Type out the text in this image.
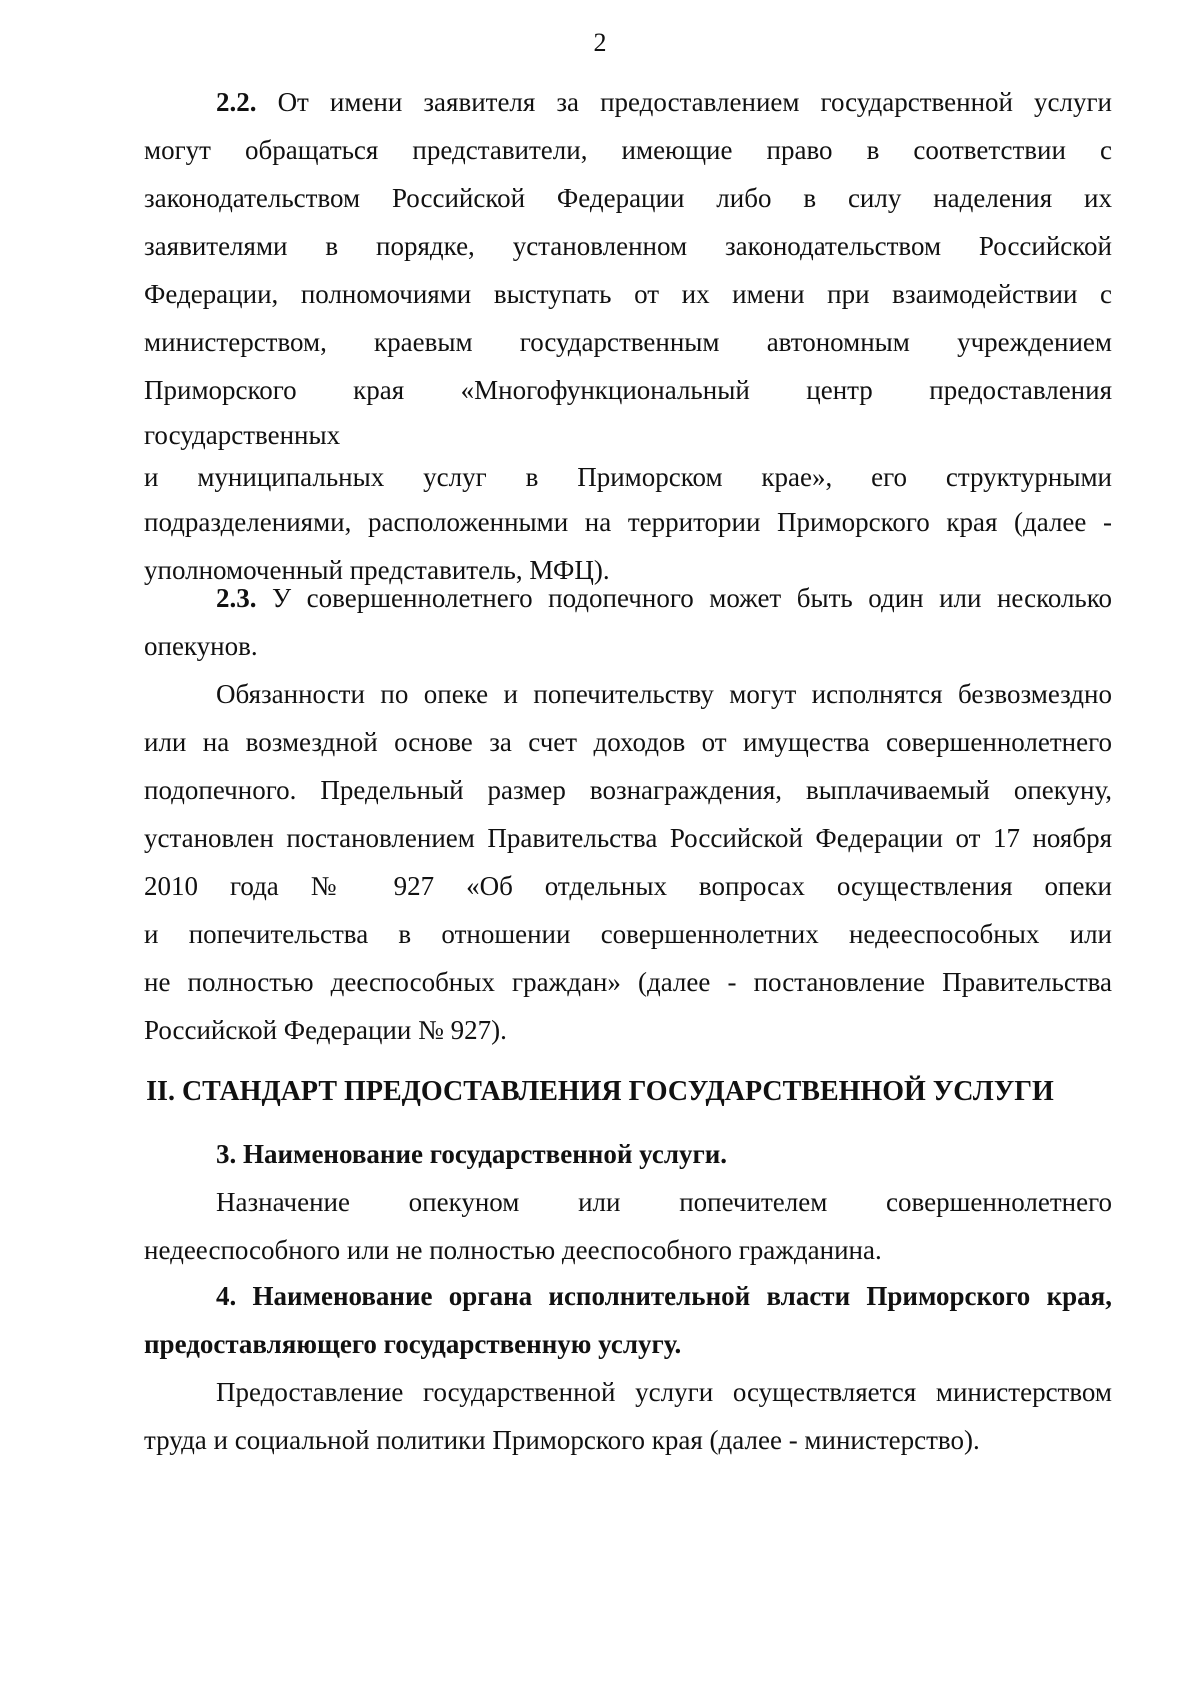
2
2.2. От имени заявителя за предоставлением государственной услуги
могут обращаться представители, имеющие право в соответствии с
законодательством Российской Федерации либо в силу наделения их
заявителями в порядке, установленном законодательством Российской
Федерации, полномочиями выступать от их имени при взаимодействии с
министерством, краевым государственным автономным учреждением
Приморского края «Многофункциональный центр предоставления
государственных
и муниципальных услуг в Приморском крае», его структурными
подразделениями, расположенными на территории Приморского края (далее -
уполномоченный представитель, МФЦ).
2.3. У совершеннолетнего подопечного может быть один или несколько
опекунов.
Обязанности по опеке и попечительству могут исполнятся безвозмездно
или на возмездной основе за счет доходов от имущества совершеннолетнего
подопечного. Предельный размер вознаграждения, выплачиваемый опекуну,
установлен постановлением Правительства Российской Федерации от 17 ноября
2010 года № 927 «Об отдельных вопросах осуществления опеки
и попечительства в отношении совершеннолетних недееспособных или
не полностью дееспособных граждан» (далее - постановление Правительства
Российской Федерации № 927).
II. СТАНДАРТ ПРЕДОСТАВЛЕНИЯ ГОСУДАРСТВЕННОЙ УСЛУГИ
3. Наименование государственной услуги.
Назначение опекуном или попечителем совершеннолетнего
недееспособного или не полностью дееспособного гражданина.
4. Наименование органа исполнительной власти Приморского края,
предоставляющего государственную услугу.
Предоставление государственной услуги осуществляется министерством
труда и социальной политики Приморского края (далее - министерство).
